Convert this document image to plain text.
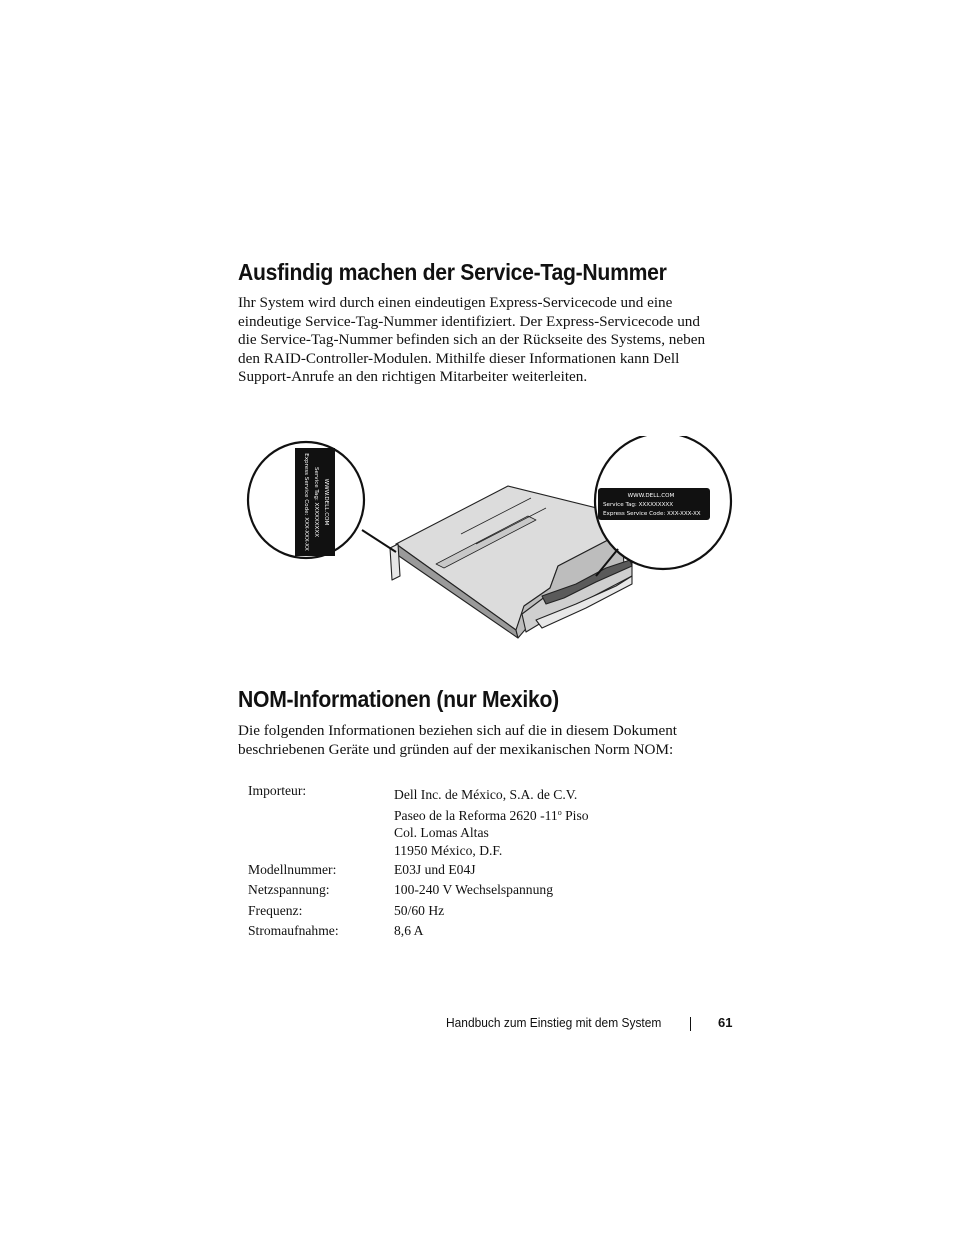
Ausfindig machen der Service-Tag-Nummer
Ihr System wird durch einen eindeutigen Express-Servicecode und eine
eindeutige Service-Tag-Nummer identifiziert. Der Express-Servicecode und
die Service-Tag-Nummer befinden sich an der Rückseite des Systems, neben
den RAID-Controller-Modulen. Mithilfe dieser Informationen kann Dell
Support-Anrufe an den richtigen Mitarbeiter weiterleiten.
WWW.DELL.COM
Service Tag: XXXXXXXXX
Express Service Code: XXX-XXX-XX	WWW.DELL.COM
Service Tag: XXXXXXXXX
Express Service Code: XXX-XXX-XX
NOM-Informationen (nur Mexiko)
Die folgenden Informationen beziehen sich auf die in diesem Dokument
beschriebenen Geräte und gründen auf der mexikanischen Norm NOM:
Importeur:	Dell Inc. de México, S.A. de C.V.
Paseo de la Reforma 2620 -11$^o$ Piso
Col. Lomas Altas
11950 México, D.F.
Modellnummer:	E03J und E04J
Netzspannung:	100-240 V Wechselspannung
Frequenz:	50/60 Hz
Stromaufnahme:	8,6 A
Handbuch zum Einstieg mit dem System	61
